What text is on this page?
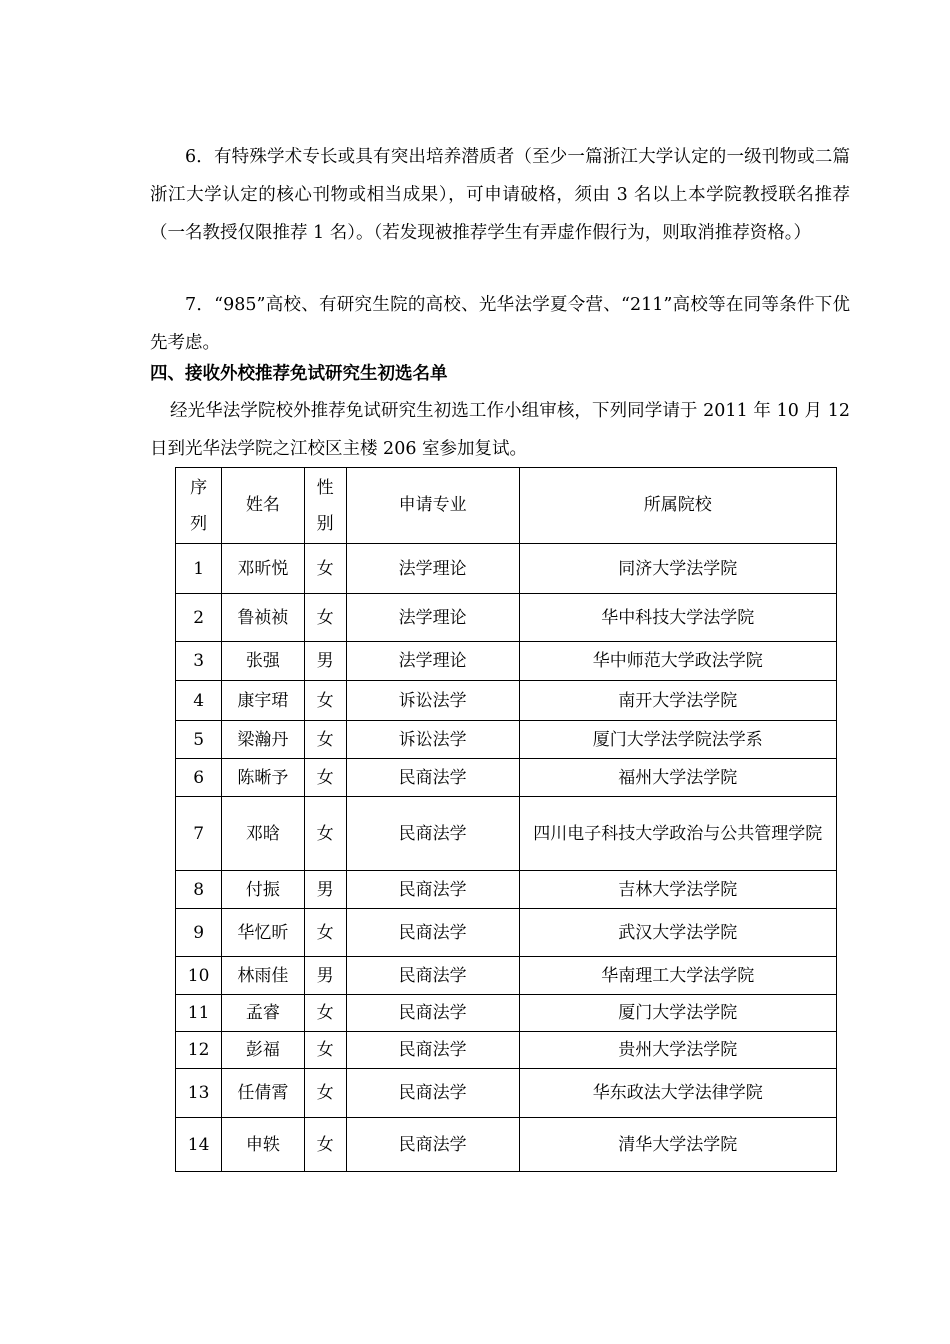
6．有特殊学术专长或具有突出培养潜质者（至少一篇浙江大学认定的一级刊物或二篇浙江大学认定的核心刊物或相当成果），可申请破格，须由 3 名以上本学院教授联名推荐（一名教授仅限推荐 1 名）。（若发现被推荐学生有弄虚作假行为，则取消推荐资格。）

7．“985”高校、有研究生院的高校、光华法学夏令营、“211”高校等在同等条件下优先考虑。

四、接收外校推荐免试研究生初选名单

经光华法学院校外推荐免试研究生初选工作小组审核，下列同学请于 2011 年 10 月 12 日到光华法学院之江校区主楼 206 室参加复试。

序列	姓名	性别	申请专业	所属院校
1	邓昕悦	女	法学理论	同济大学法学院
2	鲁祯祯	女	法学理论	华中科技大学法学院
3	张强	男	法学理论	华中师范大学政法学院
4	康宇珺	女	诉讼法学	南开大学法学院
5	梁瀚丹	女	诉讼法学	厦门大学法学院法学系
6	陈晰予	女	民商法学	福州大学法学院
7	邓晗	女	民商法学	四川电子科技大学政治与公共管理学院
8	付振	男	民商法学	吉林大学法学院
9	华忆昕	女	民商法学	武汉大学法学院
10	林雨佳	男	民商法学	华南理工大学法学院
11	孟睿	女	民商法学	厦门大学法学院
12	彭福	女	民商法学	贵州大学法学院
13	任倩霄	女	民商法学	华东政法大学法律学院
14	申轶	女	民商法学	清华大学法学院
